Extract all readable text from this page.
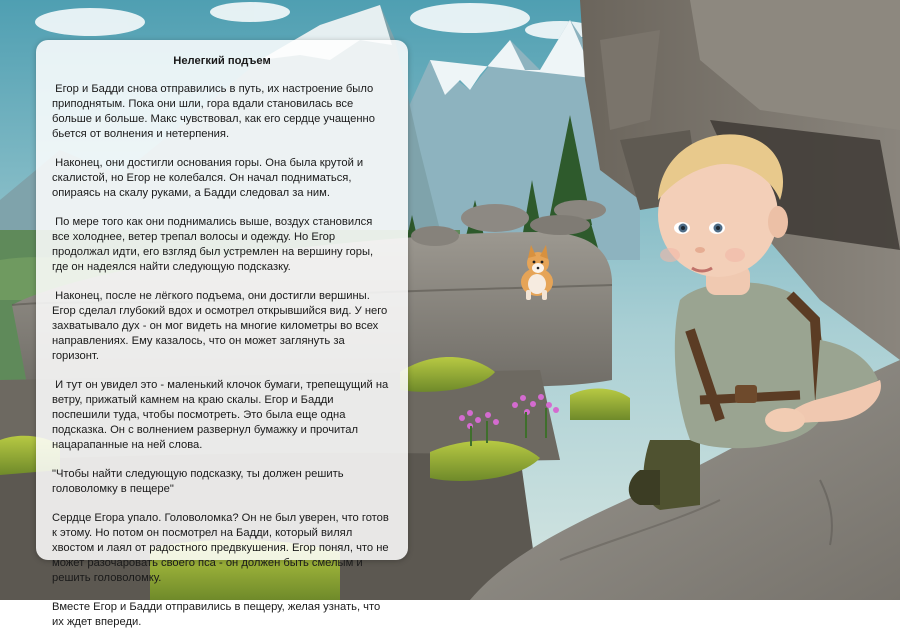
Нелегкий подъем
Егор и Бадди снова отправились в путь, их настроение было приподнятым. Пока они шли, гора вдали становилась все больше и больше. Макс чувствовал, как его сердце учащенно бьется от волнения и нетерпения.
Наконец, они достигли основания горы. Она была крутой и скалистой, но Егор не колебался. Он начал подниматься, опираясь на скалу руками, а Бадди следовал за ним.
По мере того как они поднимались выше, воздух становился все холоднее, ветер трепал волосы и одежду. Но Егор продолжал идти, его взгляд был устремлен на вершину горы, где он надеялся найти следующую подсказку.
Наконец, после не лёгкого подъема, они достигли вершины. Егор сделал глубокий вдох и осмотрел открывшийся вид. У него захватывало дух - он мог видеть на многие километры во всех направлениях. Ему казалось, что он может заглянуть за горизонт.
И тут он увидел это - маленький клочок бумаги, трепещущий на ветру, прижатый камнем на краю скалы. Егор и Бадди поспешили туда, чтобы посмотреть. Это была еще одна подсказка. Он с волнением развернул бумажку и прочитал нацарапанные на ней слова.
"Чтобы найти следующую подсказку, ты должен решить головоломку в пещере"
Сердце Егора упало. Головоломка? Он не был уверен, что готов к этому. Но потом он посмотрел на Бадди, который вилял хвостом и лаял от радостного предвкушения. Егор понял, что не может разочаровать своего пса - он должен быть смелым и решить головоломку.
Вместе Егор и Бадди отправились в пещеру, желая узнать, что их ждет впереди.
